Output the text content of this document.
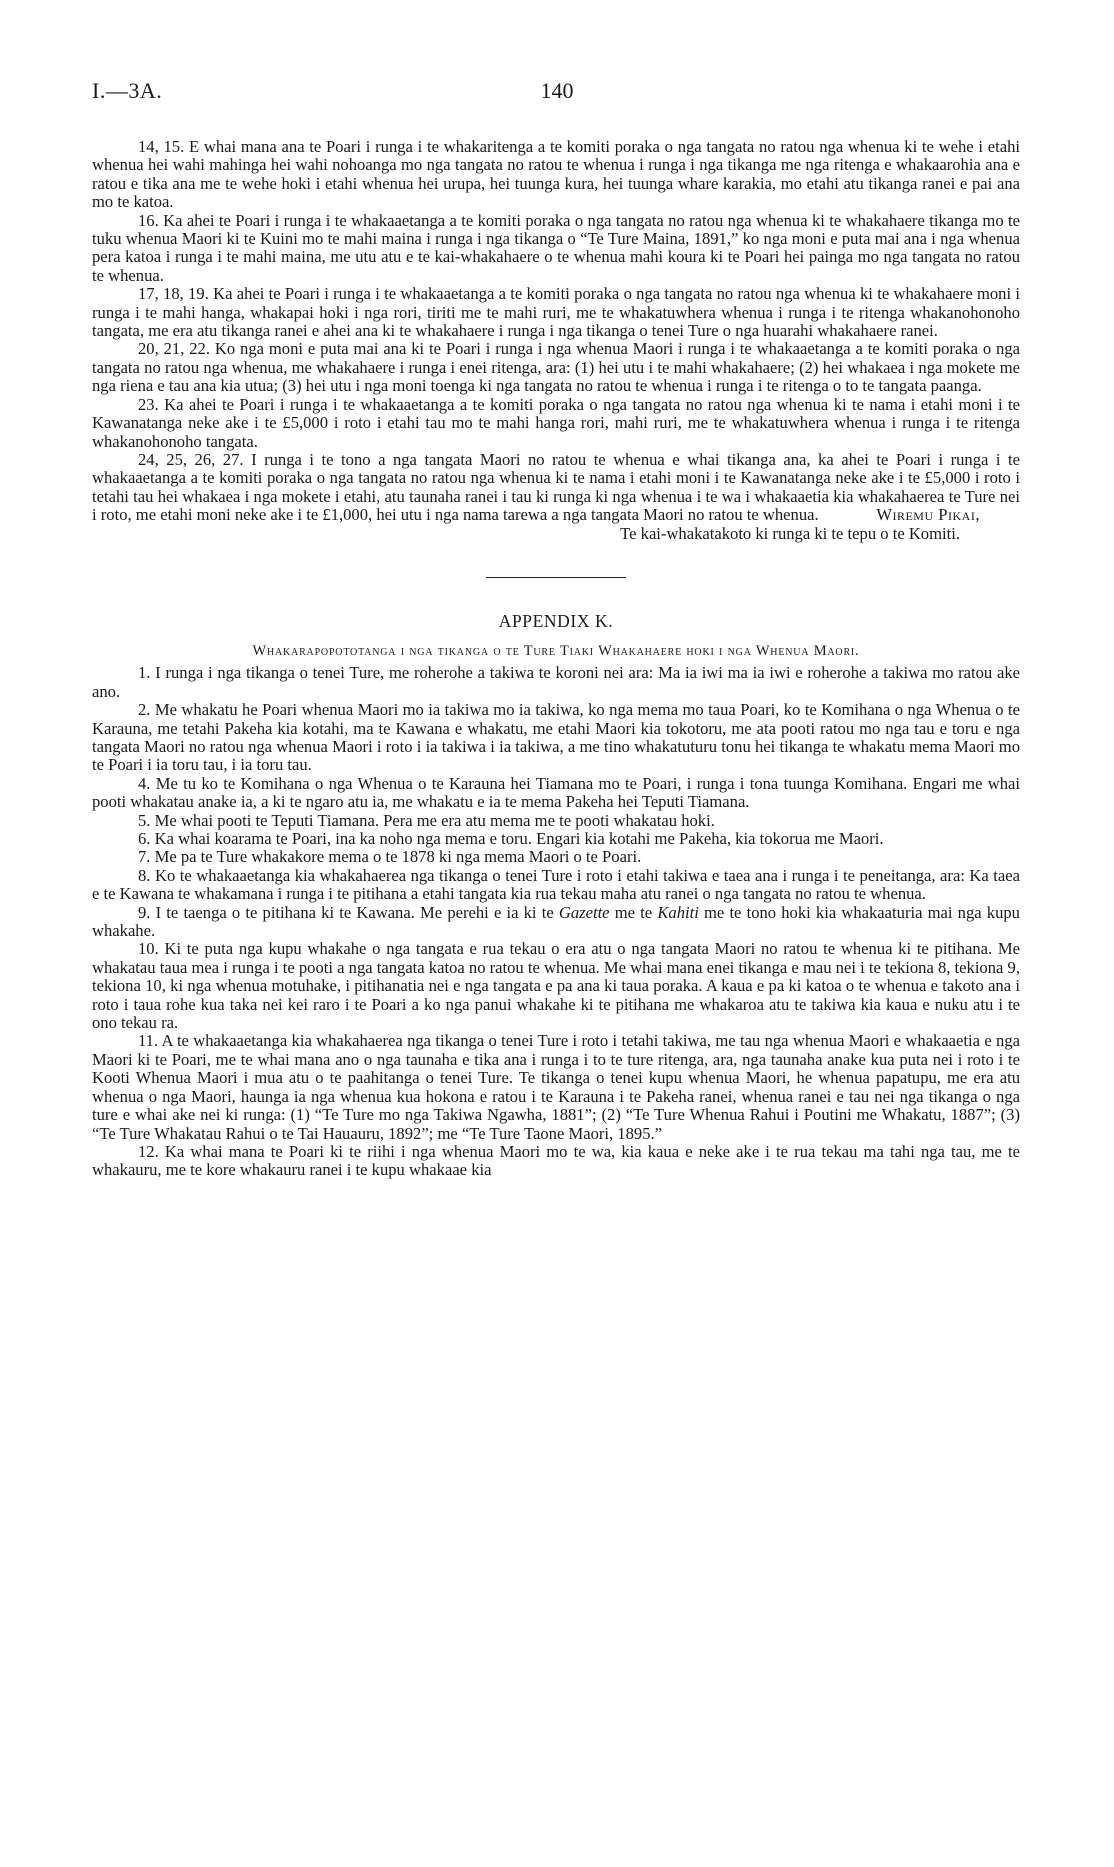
I.—3A.	140

14, 15. E whai mana ana te Poari i runga i te whakaritenga a te komiti poraka o nga tangata no ratou nga whenua ki te wehe i etahi whenua hei wahi mahinga hei wahi nohoanga mo nga tangata no ratou te whenua i runga i nga tikanga me nga ritenga e whakaarohia ana e ratou e tika ana me te wehe hoki i etahi whenua hei urupa, hei tuunga kura, hei tuunga whare karakia, mo etahi atu tikanga ranei e pai ana mo te katoa.

16. Ka ahei te Poari i runga i te whakaaetanga a te komiti poraka o nga tangata no ratou nga whenua ki te whakahaere tikanga mo te tuku whenua Maori ki te Kuini mo te mahi maina i runga i nga tikanga o “Te Ture Maina, 1891,” ko nga moni e puta mai ana i nga whenua pera katoa i runga i te mahi maina, me utu atu e te kai-whakahaere o te whenua mahi koura ki te Poari hei painga mo nga tangata no ratou te whenua.

17, 18, 19. Ka ahei te Poari i runga i te whakaaetanga a te komiti poraka o nga tangata no ratou nga whenua ki te whakahaere moni i runga i te mahi hanga, whakapai hoki i nga rori, tiriti me te mahi ruri, me te whakatuwhera whenua i runga i te ritenga whakanohonoho tangata, me era atu tikanga ranei e ahei ana ki te whakahaere i runga i nga tikanga o tenei Ture o nga huarahi whakahaere ranei.

20, 21, 22. Ko nga moni e puta mai ana ki te Poari i runga i nga whenua Maori i runga i te whakaaetanga a te komiti poraka o nga tangata no ratou nga whenua, me whakahaere i runga i enei ritenga, ara: (1) hei utu i te mahi whakahaere; (2) hei whakaea i nga mokete me nga riena e tau ana kia utua; (3) hei utu i nga moni toenga ki nga tangata no ratou te whenua i runga i te ritenga o to te tangata paanga.

23. Ka ahei te Poari i runga i te whakaaetanga a te komiti poraka o nga tangata no ratou nga whenua ki te nama i etahi moni i te Kawanatanga neke ake i te £5,000 i roto i etahi tau mo te mahi hanga rori, mahi ruri, me te whakatuwhera whenua i runga i te ritenga whakanohonoho tangata.

24, 25, 26, 27. I runga i te tono a nga tangata Maori no ratou te whenua e whai tikanga ana, ka ahei te Poari i runga i te whakaaetanga a te komiti poraka o nga tangata no ratou nga whenua ki te nama i etahi moni i te Kawanatanga neke ake i te £5,000 i roto i tetahi tau hei whakaea i nga mokete i etahi, atu taunaha ranei i tau ki runga ki nga whenua i te wa i whakaaetia kia whakahaerea te Ture nei i roto, me etahi moni neke ake i te £1,000, hei utu i nga nama tarewa a nga tangata Maori no ratou te whenua.	Wiremu Pikai,

Te kai-whakatakoto ki runga ki te tepu o te Komiti.
APPENDIX K.
Whakarapopototanga i nga tikanga o te Ture Tiaki Whakahaere hoki i nga Whenua Maori.

1. I runga i nga tikanga o tenei Ture, me roherohe a takiwa te koroni nei ara: Ma ia iwi ma ia iwi e roherohe a takiwa mo ratou ake ano.

2. Me whakatu he Poari whenua Maori mo ia takiwa mo ia takiwa, ko nga mema mo taua Poari, ko te Komihana o nga Whenua o te Karauna, me tetahi Pakeha kia kotahi, ma te Kawana e whakatu, me etahi Maori kia tokotoru, me ata pooti ratou mo nga tau e toru e nga tangata Maori no ratou nga whenua Maori i roto i ia takiwa i ia takiwa, a me tino whakatuturu tonu hei tikanga te whakatu mema Maori mo te Poari i ia toru tau, i ia toru tau.

4. Me tu ko te Komihana o nga Whenua o te Karauna hei Tiamana mo te Poari, i runga i tona tuunga Komihana. Engari me whai pooti whakatau anake ia, a ki te ngaro atu ia, me whakatu e ia te mema Pakeha hei Teputi Tiamana.

5. Me whai pooti te Teputi Tiamana. Pera me era atu mema me te pooti whakatau hoki.

6. Ka whai koarama te Poari, ina ka noho nga mema e toru. Engari kia kotahi me Pakeha, kia tokorua me Maori.

7. Me pa te Ture whakakore mema o te 1878 ki nga mema Maori o te Poari.

8. Ko te whakaaetanga kia whakahaerea nga tikanga o tenei Ture i roto i etahi takiwa e taea ana i runga i te peneitanga, ara: Ka taea e te Kawana te whakamana i runga i te pitihana a etahi tangata kia rua tekau maha atu ranei o nga tangata no ratou te whenua.

9. I te taenga o te pitihana ki te Kawana. Me perehi e ia ki te Gazette me te Kahiti me te tono hoki kia whakaaturia mai nga kupu whakahe.

10. Ki te puta nga kupu whakahe o nga tangata e rua tekau o era atu o nga tangata Maori no ratou te whenua ki te pitihana. Me whakatau taua mea i runga i te pooti a nga tangata katoa no ratou te whenua. Me whai mana enei tikanga e mau nei i te tekiona 8, tekiona 9, tekiona 10, ki nga whenua motuhake, i pitihanatia nei e nga tangata e pa ana ki taua poraka. A kaua e pa ki katoa o te whenua e takoto ana i roto i taua rohe kua taka nei kei raro i te Poari a ko nga panui whakahe ki te pitihana me whakaroa atu te takiwa kia kaua e nuku atu i te ono tekau ra.

11. A te whakaaetanga kia whakahaerea nga tikanga o tenei Ture i roto i tetahi takiwa, me tau nga whenua Maori e whakaaetia e nga Maori ki te Poari, me te whai mana ano o nga taunaha e tika ana i runga i to te ture ritenga, ara, nga taunaha anake kua puta nei i roto i te Kooti Whenua Maori i mua atu o te paahitanga o tenei Ture. Te tikanga o tenei kupu whenua Maori, he whenua papatupu, me era atu whenua o nga Maori, haunga ia nga whenua kua hokona e ratou i te Karauna i te Pakeha ranei, whenua ranei e tau nei nga tikanga o nga ture e whai ake nei ki runga: (1) “Te Ture mo nga Takiwa Ngawha, 1881”; (2) “Te Ture Whenua Rahui i Poutini me Whakatu, 1887”; (3) “Te Ture Whakatau Rahui o te Tai Hauauru, 1892”; me “Te Ture Taone Maori, 1895.”

12. Ka whai mana te Poari ki te riihi i nga whenua Maori mo te wa, kia kaua e neke ake i te rua tekau ma tahi nga tau, me te whakauru, me te kore whakauru ranei i te kupu whakaae kia
